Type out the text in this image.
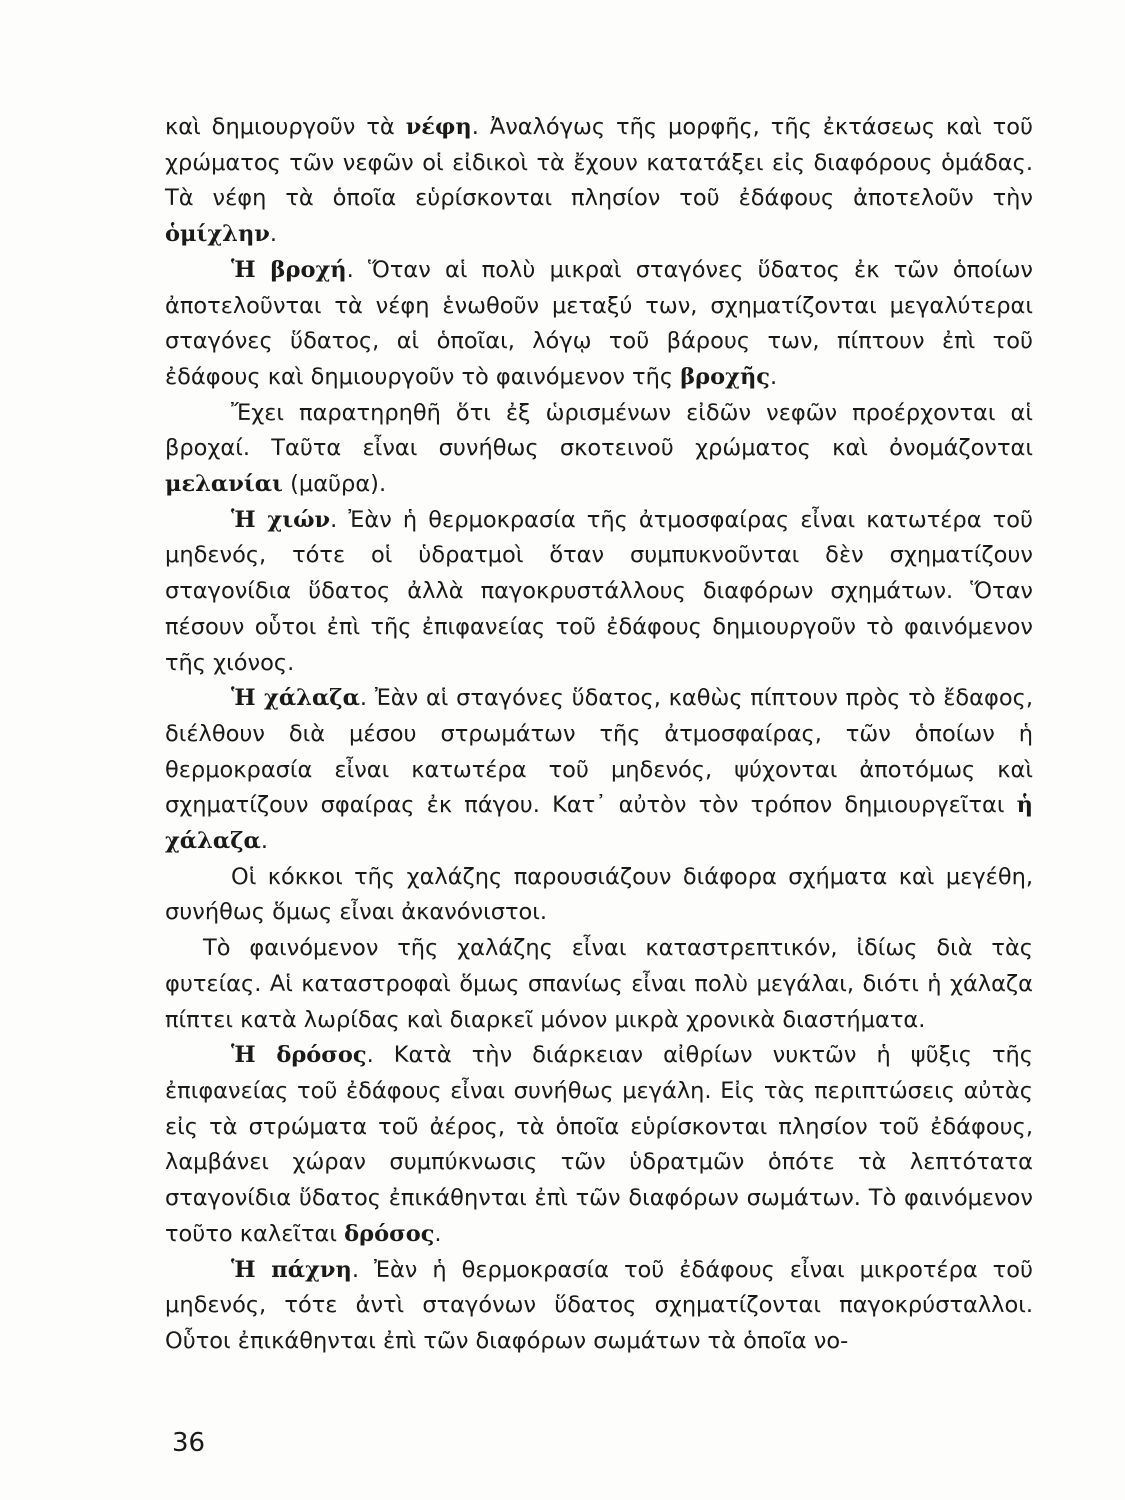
καὶ δημιουργοῦν τὰ νέφη. Ἀναλόγως τῆς μορφῆς, τῆς ἐκτάσεως καὶ τοῦ χρώματος τῶν νεφῶν οἱ εἰδικοὶ τὰ ἔχουν κατατάξει εἰς διαφόρους ὁμάδας. Τὰ νέφη τὰ ὁποῖα εὑρίσκονται πλησίον τοῦ ἐδάφους ἀποτελοῦν τὴν ὁμίχλην.

Ἡ βροχή. Ὅταν αἱ πολὺ μικραὶ σταγόνες ὕδατος ἐκ τῶν ὁποίων ἀποτελοῦνται τὰ νέφη ἑνωθοῦν μεταξύ των, σχηματίζονται μεγαλύτεραι σταγόνες ὕδατος, αἱ ὁποῖαι, λόγῳ τοῦ βάρους των, πίπτουν ἐπὶ τοῦ ἐδάφους καὶ δημιουργοῦν τὸ φαινόμενον τῆς βροχῆς.

Ἔχει παρατηρηθῆ ὅτι ἐξ ὡρισμένων εἰδῶν νεφῶν προέρχονται αἱ βροχαί. Ταῦτα εἶναι συνήθως σκοτεινοῦ χρώματος καὶ ὀνομάζονται μελανίαι (μαῦρα).

Ἡ χιών. Ἐὰν ἡ θερμοκρασία τῆς ἀτμοσφαίρας εἶναι κατωτέρα τοῦ μηδενός, τότε οἱ ὑδρατμοὶ ὅταν συμπυκνοῦνται δὲν σχηματίζουν σταγονίδια ὕδατος ἀλλὰ παγοκρυστάλλους διαφόρων σχημάτων. Ὅταν πέσουν οὗτοι ἐπὶ τῆς ἐπιφανείας τοῦ ἐδάφους δημιουργοῦν τὸ φαινόμενον τῆς χιόνος.

Ἡ χάλαζα. Ἐὰν αἱ σταγόνες ὕδατος, καθὼς πίπτουν πρὸς τὸ ἔδαφος, διέλθουν διὰ μέσου στρωμάτων τῆς ἀτμοσφαίρας, τῶν ὁποίων ἡ θερμοκρασία εἶναι κατωτέρα τοῦ μηδενός, ψύχονται ἀποτόμως καὶ σχηματίζουν σφαίρας ἐκ πάγου. Κατ᾽ αὐτὸν τὸν τρόπον δημιουργεῖται ἡ χάλαζα.

Οἱ κόκκοι τῆς χαλάζης παρουσιάζουν διάφορα σχήματα καὶ μεγέθη, συνήθως ὅμως εἶναι ἀκανόνιστοι.

Τὸ φαινόμενον τῆς χαλάζης εἶναι καταστρεπτικόν, ἰδίως διὰ τὰς φυτείας. Αἱ καταστροφαὶ ὅμως σπανίως εἶναι πολὺ μεγάλαι, διότι ἡ χάλαζα πίπτει κατὰ λωρίδας καὶ διαρκεῖ μόνον μικρὰ χρονικὰ διαστήματα.

Ἡ δρόσος. Κατὰ τὴν διάρκειαν αἰθρίων νυκτῶν ἡ ψῦξις τῆς ἐπιφανείας τοῦ ἐδάφους εἶναι συνήθως μεγάλη. Εἰς τὰς περιπτώσεις αὐτὰς εἰς τὰ στρώματα τοῦ ἀέρος, τὰ ὁποῖα εὑρίσκονται πλησίον τοῦ ἐδάφους, λαμβάνει χώραν συμπύκνωσις τῶν ὑδρατμῶν ὁπότε τὰ λεπτότατα σταγονίδια ὕδατος ἐπικάθηνται ἐπὶ τῶν διαφόρων σωμάτων. Τὸ φαινόμενον τοῦτο καλεῖται δρόσος.

Ἡ πάχνη. Ἐὰν ἡ θερμοκρασία τοῦ ἐδάφους εἶναι μικροτέρα τοῦ μηδενός, τότε ἀντὶ σταγόνων ὕδατος σχηματίζονται παγοκρύσταλλοι. Οὗτοι ἐπικάθηνται ἐπὶ τῶν διαφόρων σωμάτων τὰ ὁποῖα νο-

36
